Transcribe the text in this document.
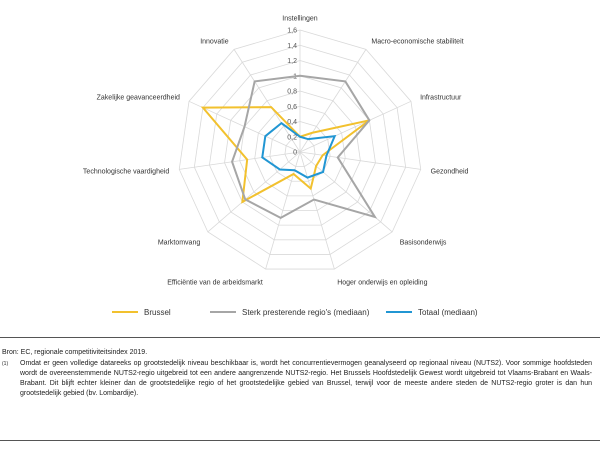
0
0,2
0,4
0,6
0,8
1
1,2
1,4
1,6
Instellingen
Macro-economische stabiliteit
Infrastructuur
Gezondheid
Basisonderwijs
Hoger onderwijs en opleiding
Efficiëntie van de arbeidsmarkt
Marktomvang
Technologische vaardigheid
Zakelijke geavanceerdheid
Innovatie
Brussel	Sterk presterende regio's (mediaan)	Totaal (mediaan)
Bron: EC, regionale competitiviteitsindex 2019.
(1)	Omdat er geen volledige datareeks op grootstedelijk niveau beschikbaar is, wordt het concurrentievermogen geanalyseerd op regionaal niveau (NUTS2). Voor sommige hoofdsteden wordt de overeenstemmende NUTS2-regio uitgebreid tot een andere aangrenzende NUTS2-regio. Het Brussels Hoofdstedelijk Gewest wordt uitgebreid tot Vlaams-Brabant en Waals-Brabant. Dit blijft echter kleiner dan de grootstedelijke regio of het grootstedelijke gebied van Brussel, terwijl voor de meeste andere steden de NUTS2-regio groter is dan hun grootstedelijk gebied (bv. Lombardije).
